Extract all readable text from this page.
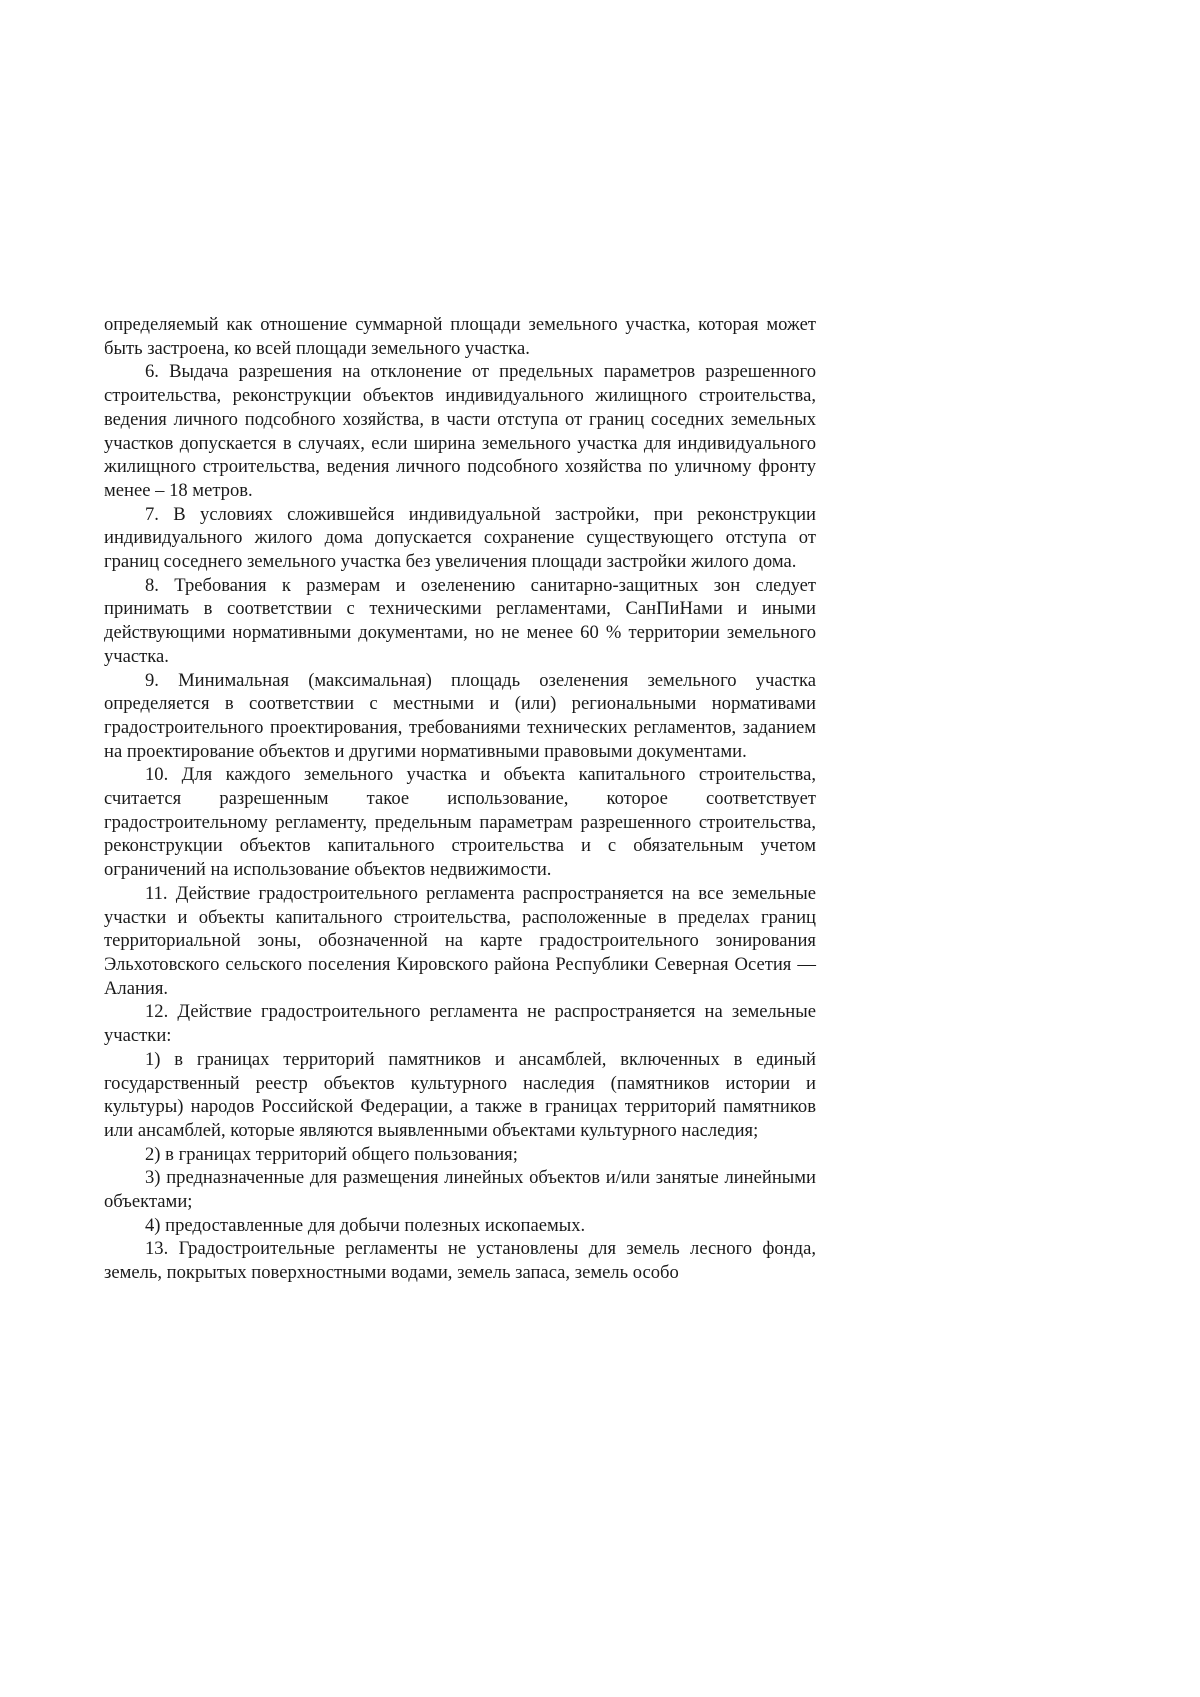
определяемый как отношение суммарной площади земельного участка, которая может быть застроена, ко всей площади земельного участка.

6. Выдача разрешения на отклонение от предельных параметров разрешенного строительства, реконструкции объектов индивидуального жилищного строительства, ведения личного подсобного хозяйства, в части отступа от границ соседних земельных участков допускается в случаях, если ширина земельного участка для индивидуального жилищного строительства, ведения личного подсобного хозяйства по уличному фронту менее – 18 метров.

7. В условиях сложившейся индивидуальной застройки, при реконструкции индивидуального жилого дома допускается сохранение существующего отступа от границ соседнего земельного участка без увеличения площади застройки жилого дома.

8. Требования к размерам и озеленению санитарно-защитных зон следует принимать в соответствии с техническими регламентами, СанПиНами и иными действующими нормативными документами, но не менее 60 % территории земельного участка.

9. Минимальная (максимальная) площадь озеленения земельного участка определяется в соответствии с местными и (или) региональными нормативами градостроительного проектирования, требованиями технических регламентов, заданием на проектирование объектов и другими нормативными правовыми документами.

10. Для каждого земельного участка и объекта капитального строительства, считается разрешенным такое использование, которое соответствует градостроительному регламенту, предельным параметрам разрешенного строительства, реконструкции объектов капитального строительства и с обязательным учетом ограничений на использование объектов недвижимости.

11. Действие градостроительного регламента распространяется на все земельные участки и объекты капитального строительства, расположенные в пределах границ территориальной зоны, обозначенной на карте градостроительного зонирования Эльхотовского сельского поселения Кировского района Республики Северная Осетия — Алания.

12. Действие градостроительного регламента не распространяется на земельные участки:

1) в границах территорий памятников и ансамблей, включенных в единый государственный реестр объектов культурного наследия (памятников истории и культуры) народов Российской Федерации, а также в границах территорий памятников или ансамблей, которые являются выявленными объектами культурного наследия;

2) в границах территорий общего пользования;

3) предназначенные для размещения линейных объектов и/или занятые линейными объектами;

4) предоставленные для добычи полезных ископаемых.

13. Градостроительные регламенты не установлены для земель лесного фонда, земель, покрытых поверхностными водами, земель запаса, земель особо
